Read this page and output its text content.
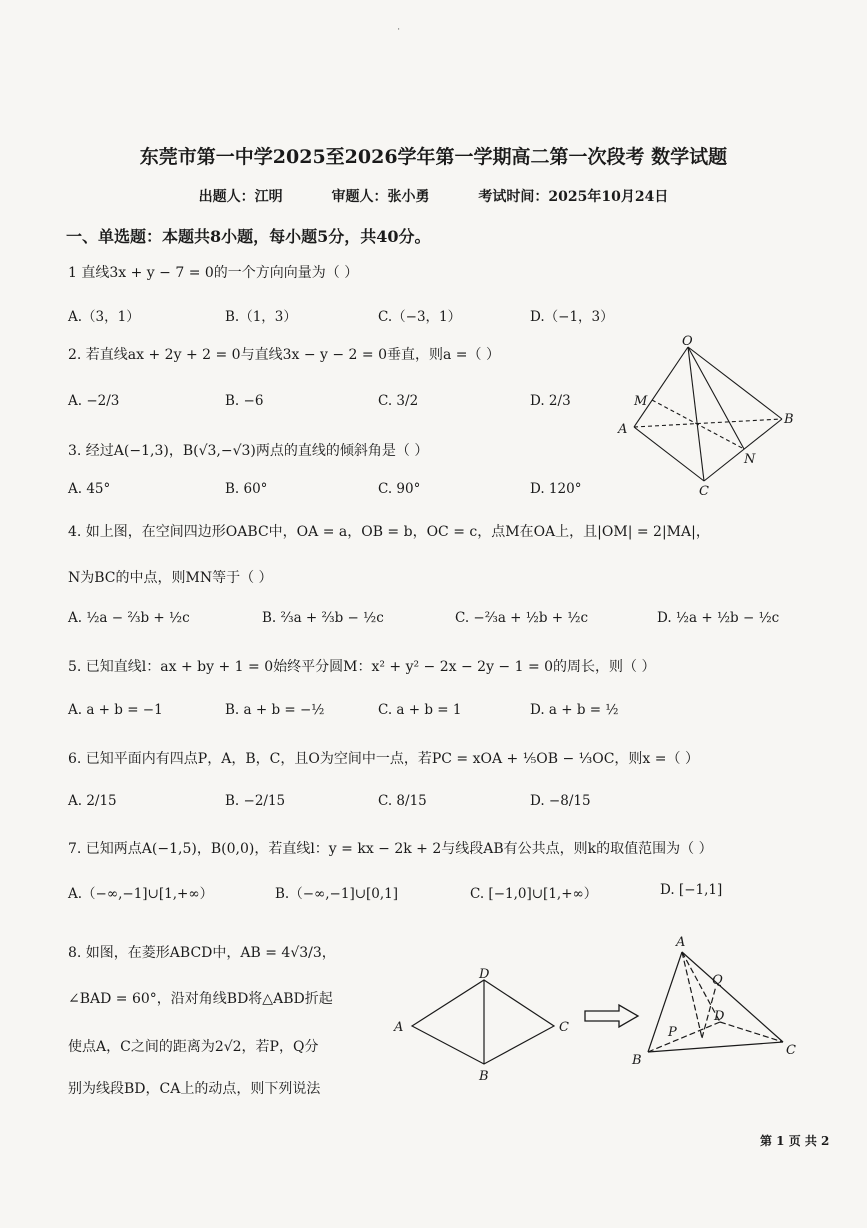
'
东莞市第一中学2025至2026学年第一学期高二第一次段考 数学试题
出题人：江明	审题人：张小勇	考试时间：2025年10月24日
一、单选题：本题共8小题，每小题5分，共40分。
1 直线3x + y − 7 = 0的一个方向向量为（ ）
A.（3，1）	B.（1，3）	C.（−3，1）	D.（−1，3）
2. 若直线ax + 2y + 2 = 0与直线3x − y − 2 = 0垂直，则a =（ ）
A. −2/3	B. −6	C. 3/2	D. 2/3
O
M
A
B
N
C
3. 经过A(−1,3)，B(√3,−√3)两点的直线的倾斜角是（ ）
A. 45°	B. 60°	C. 90°	D. 120°
4. 如上图，在空间四边形OABC中，OA = a，OB = b，OC = c，点M在OA上，且|OM| = 2|MA|，
N为BC的中点，则MN等于（ ）
A. ½a − ⅔b + ½c	B. ⅔a + ⅔b − ½c	C. −⅔a + ½b + ½c	D. ½a + ½b − ½c
5. 已知直线l：ax + by + 1 = 0始终平分圆M：x² + y² − 2x − 2y − 1 = 0的周长，则（ ）
A. a + b = −1	B. a + b = −½	C. a + b = 1	D. a + b = ½
6. 已知平面内有四点P，A，B，C，且O为空间中一点，若PC = xOA + ⅕OB − ⅓OC，则x =（ ）
A. 2/15	B. −2/15	C. 8/15	D. −8/15
7. 已知两点A(−1,5)，B(0,0)，若直线l：y = kx − 2k + 2与线段AB有公共点，则k的取值范围为（ ）
A.（−∞,−1]∪[1,+∞）	B.（−∞,−1]∪[0,1]	C. [−1,0]∪[1,+∞）	D. [−1,1]
8. 如图，在菱形ABCD中，AB = 4√3/3，
∠BAD = 60°，沿对角线BD将△ABD折起
使点A，C之间的距离为2√2，若P，Q分
别为线段BD，CA上的动点，则下列说法
A
D
C
B
A
Q
P
D
B
C
第 1 页 共 2
